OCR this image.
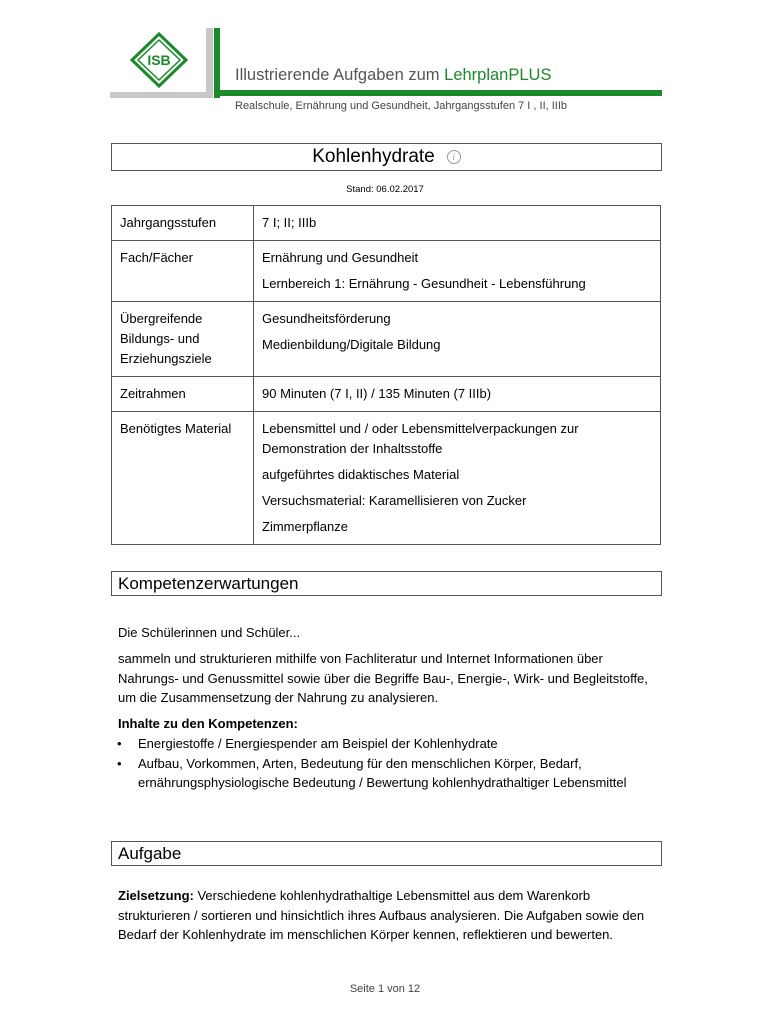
ISB
Illustrierende Aufgaben zum LehrplanPLUS
Realschule, Ernährung und Gesundheit, Jahrgangsstufen 7 I , II, IIIb
Kohlenhydrate	i
Stand: 06.02.2017
Jahrgangsstufen	7 I; II; IIIb

Fach/Fächer	Ernährung und Gesundheit
Lernbereich 1: Ernährung - Gesundheit - Lebensführung

Übergreifende Bildungs- und Erziehungsziele	Gesundheitsförderung
Medienbildung/Digitale Bildung

Zeitrahmen	90 Minuten (7 I, II) / 135 Minuten (7 IIIb)

Benötigtes Material	Lebensmittel und / oder Lebensmittelverpackungen zur Demonstration der Inhaltsstoffe
aufgeführtes didaktisches Material
Versuchsmaterial: Karamellisieren von Zucker
Zimmerpflanze
Kompetenzerwartungen
Die Schülerinnen und Schüler...
sammeln und strukturieren mithilfe von Fachliteratur und Internet Informationen über Nahrungs- und Genussmittel sowie über die Begriffe Bau-, Energie-, Wirk- und Begleitstoffe, um die Zusammensetzung der Nahrung zu analysieren.
Inhalte zu den Kompetenzen:
• Energiestoffe / Energiespender am Beispiel der Kohlenhydrate
• Aufbau, Vorkommen, Arten, Bedeutung für den menschlichen Körper, Bedarf, ernährungsphysiologische Bedeutung / Bewertung kohlenhydrathaltiger Lebensmittel
Aufgabe
Zielsetzung: Verschiedene kohlenhydrathaltige Lebensmittel aus dem Warenkorb strukturieren / sortieren und hinsichtlich ihres Aufbaus analysieren. Die Aufgaben sowie den Bedarf der Kohlenhydrate im menschlichen Körper kennen, reflektieren und bewerten.
Seite 1 von 12
